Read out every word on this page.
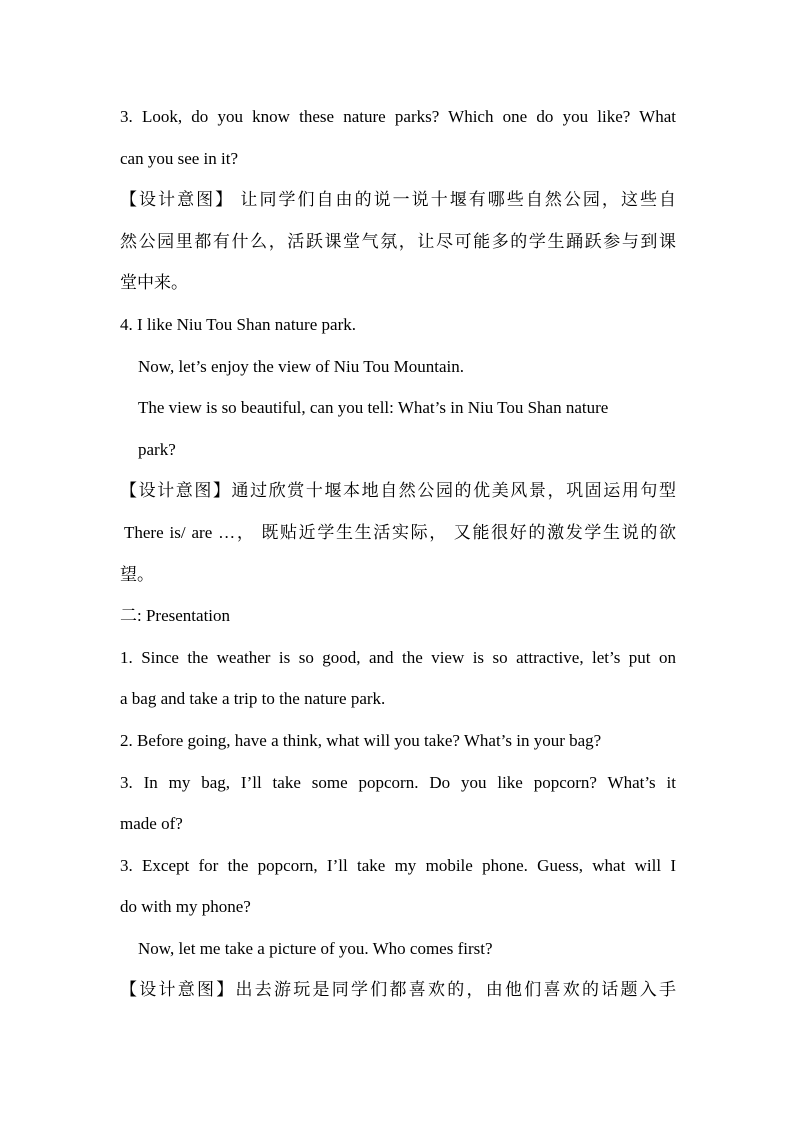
3. Look, do you know these nature parks? Which one do you like? What
can you see in it?
【设计意图】 让同学们自由的说一说十堰有哪些自然公园，这些自
然公园里都有什么，活跃课堂气氛，让尽可能多的学生踊跃参与到课
堂中来。
4. I like Niu Tou Shan nature park.
Now, let’s enjoy the view of Niu Tou Mountain.
The view is so beautiful, can you tell: What’s in Niu Tou Shan nature
park?
【设计意图】通过欣赏十堰本地自然公园的优美风景，巩固运用句型
There is/ are …， 既贴近学生生活实际， 又能很好的激发学生说的欲
望。
二: Presentation
1. Since the weather is so good, and the view is so attractive, let’s put on
a bag and take a trip to the nature park.
2. Before going, have a think, what will you take? What’s in your bag?
3. In my bag, I’ll take some popcorn. Do you like popcorn? What’s it
made of?
3. Except for the popcorn, I’ll take my mobile phone. Guess, what will I
do with my phone?
Now, let me take a picture of you. Who comes first?
【设计意图】出去游玩是同学们都喜欢的，由他们喜欢的话题入手
